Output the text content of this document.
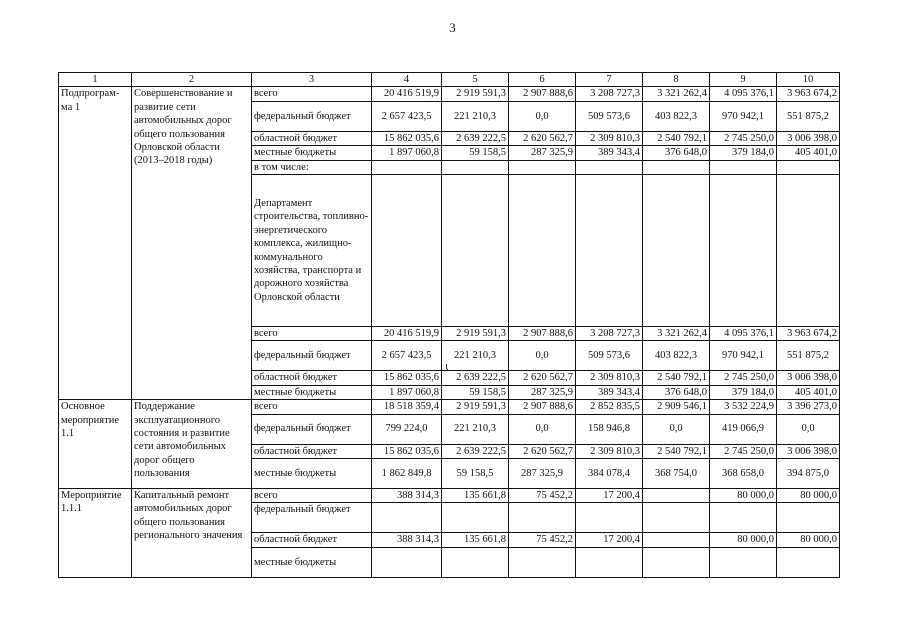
3
1	2	3	4	5	6	7	8	9	10
Подпрограм-ма 1	Совершенствование и развитие сети автомобильных дорог общего пользования Орловской области (2013–2018 годы)	всего	20 416 519,9	2 919 591,3	2 907 888,6	3 208 727,3	3 321 262,4	4 095 376,1	3 963 674,2
		федеральный бюджет	2 657 423,5	221 210,3	0,0	509 573,6	403 822,3	970 942,1	551 875,2
		областной бюджет	15 862 035,6	2 639 222,5	2 620 562,7	2 309 810,3	2 540 792,1	2 745 250,0	3 006 398,0
		местные бюджеты	1 897 060,8	59 158,5	287 325,9	389 343,4	376 648,0	379 184,0	405 401,0
		в том числе:							
		Департамент строительства, топливно-энергетического комплекса, жилищно-коммунального хозяйства, транспорта и дорожного хозяйства Орловской области							
		всего	20 416 519,9	2 919 591,3	2 907 888,6	3 208 727,3	3 321 262,4	4 095 376,1	3 963 674,2
		федеральный бюджет	2 657 423,5	221 210,3	0,0	509 573,6	403 822,3	970 942,1	551 875,2
		областной бюджет	15 862 035,6	2 639 222,5	2 620 562,7	2 309 810,3	2 540 792,1	2 745 250,0	3 006 398,0
		местные бюджеты	1 897 060,8	59 158,5	287 325,9	389 343,4	376 648,0	379 184,0	405 401,0
Основное мероприятие 1.1	Поддержание эксплуатационного состояния и развитие сети автомобильных дорог общего пользования	всего	18 518 359,4	2 919 591,3	2 907 888,6	2 852 835,5	2 909 546,1	3 532 224,9	3 396 273,0
		федеральный бюджет	799 224,0	221 210,3	0,0	158 946,8	0,0	419 066,9	0,0
		областной бюджет	15 862 035,6	2 639 222,5	2 620 562,7	2 309 810,3	2 540 792,1	2 745 250,0	3 006 398,0
		местные бюджеты	1 862 849,8	59 158,5	287 325,9	384 078,4	368 754,0	368 658,0	394 875,0
Мероприятие 1.1.1	Капитальный ремонт автомобильных дорог общего пользования регионального значения	всего	388 314,3	135 661,8	75 452,2	17 200,4		80 000,0	80 000,0
		федеральный бюджет							
		областной бюджет	388 314,3	135 661,8	75 452,2	17 200,4		80 000,0	80 000,0
		местные бюджеты							
